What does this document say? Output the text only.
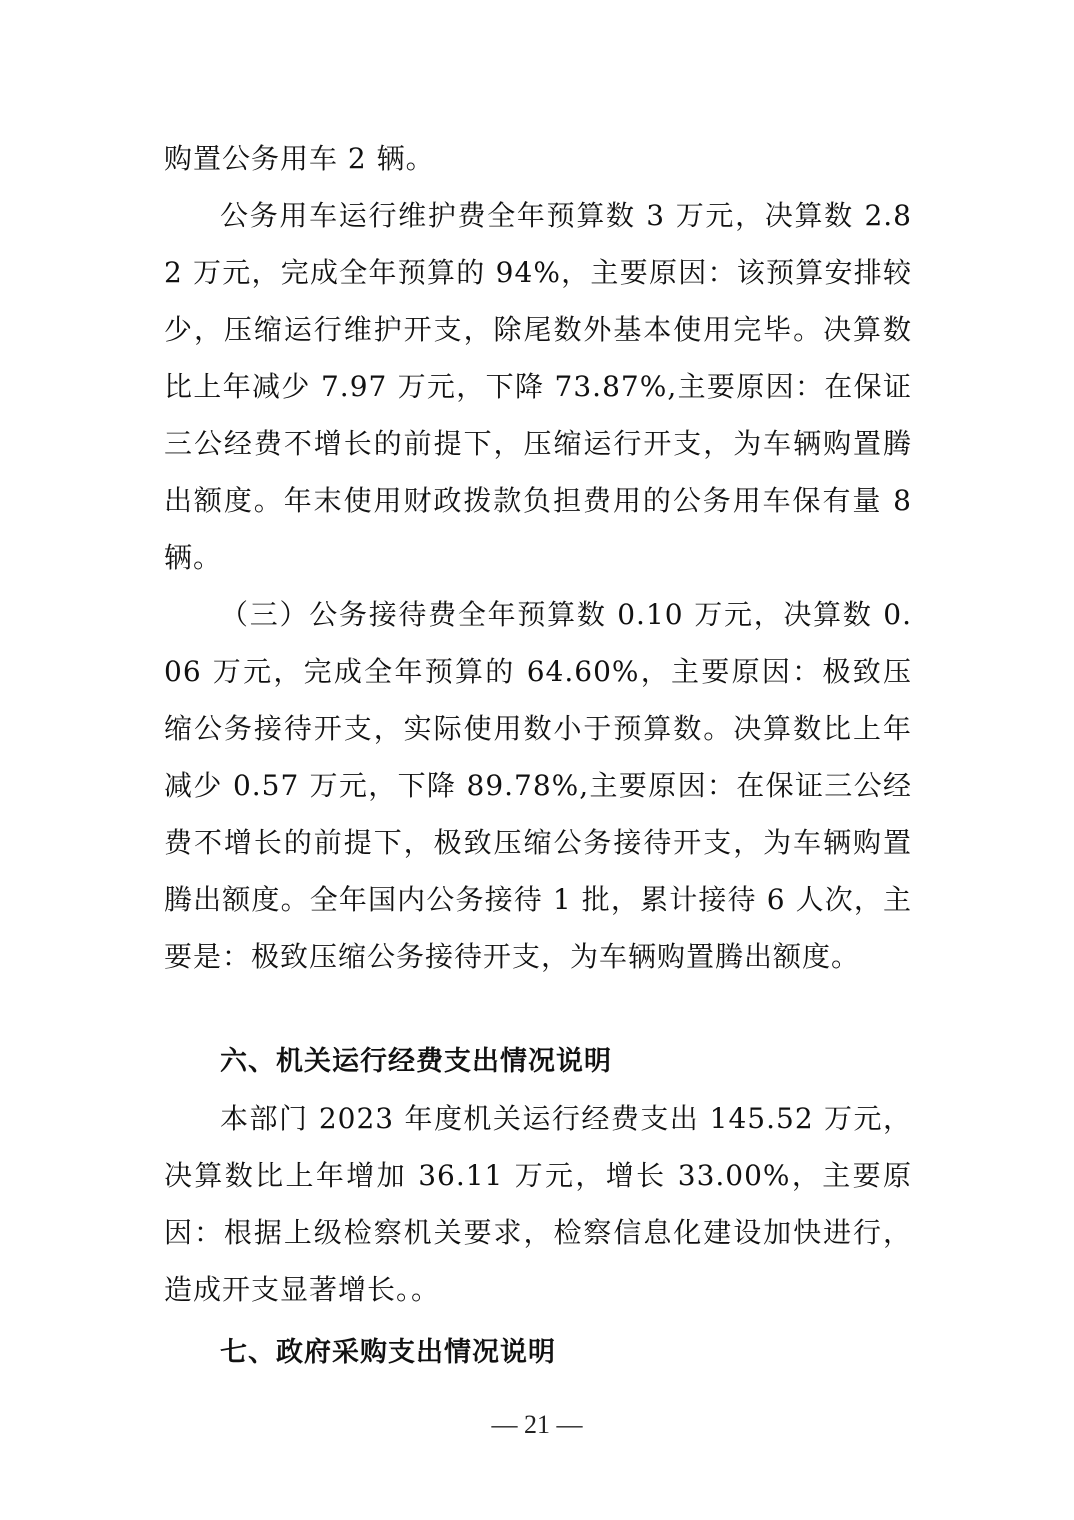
购置公务用车 2 辆。

公务用车运行维护费全年预算数 3 万元，决算数 2.82 万元，完成全年预算的 94%，主要原因：该预算安排较少，压缩运行维护开支，除尾数外基本使用完毕。决算数比上年减少 7.97 万元，下降 73.87%,主要原因：在保证三公经费不增长的前提下，压缩运行开支，为车辆购置腾出额度。年末使用财政拨款负担费用的公务用车保有量 8 辆。

（三）公务接待费全年预算数 0.10 万元，决算数 0.06 万元，完成全年预算的 64.60%，主要原因：极致压缩公务接待开支，实际使用数小于预算数。决算数比上年减少 0.57 万元，下降 89.78%,主要原因：在保证三公经费不增长的前提下，极致压缩公务接待开支，为车辆购置腾出额度。全年国内公务接待 1 批，累计接待 6 人次，主要是：极致压缩公务接待开支，为车辆购置腾出额度。

六、机关运行经费支出情况说明

本部门 2023 年度机关运行经费支出 145.52 万元，决算数比上年增加 36.11 万元，增长 33.00%，主要原因：根据上级检察机关要求，检察信息化建设加快进行，造成开支显著增长。。

七、政府采购支出情况说明
— 21 —
